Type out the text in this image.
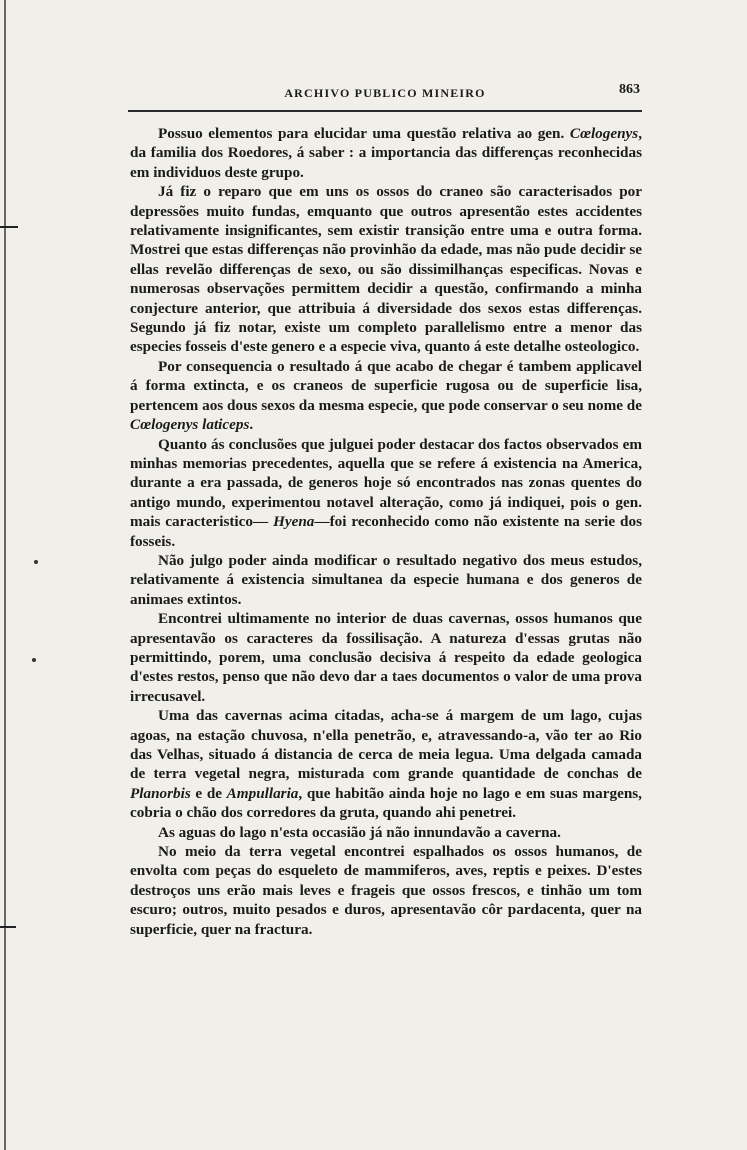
ARCHIVO PUBLICO MINEIRO	863

Possuo elementos para elucidar uma questão relativa ao gen. Cœlogenys, da familia dos Roedores, á saber : a importancia das differenças reconhecidas em individuos deste grupo.

Já fiz o reparo que em uns os ossos do craneo são caracterisados por depressões muito fundas, emquanto que outros apresentão estes accidentes relativamente insignificantes, sem existir transição entre uma e outra forma. Mostrei que estas differenças não provinhão da edade, mas não pude decidir se ellas revelão differenças de sexo, ou são dissimilhanças especificas. Novas e numerosas observações permittem decidir a questão, confirmando a minha conjecture anterior, que attribuia á diversidade dos sexos estas differenças. Segundo já fiz notar, existe um completo parallelismo entre a menor das especies fosseis d'este genero e a especie viva, quanto á este detalhe osteologico.

Por consequencia o resultado á que acabo de chegar é tambem applicavel á forma extincta, e os craneos de superficie rugosa ou de superficie lisa, pertencem aos dous sexos da mesma especie, que pode conservar o seu nome de Cœlogenys laticeps.

Quanto ás conclusões que julguei poder destacar dos factos observados em minhas memorias precedentes, aquella que se refere á existencia na America, durante a era passada, de generos hoje só encontrados nas zonas quentes do antigo mundo, experimentou notavel alteração, como já indiquei, pois o gen. mais caracteristico— Hyena—foi reconhecido como não existente na serie dos fosseis.

Não julgo poder ainda modificar o resultado negativo dos meus estudos, relativamente á existencia simultanea da especie humana e dos generos de animaes extintos.

Encontrei ultimamente no interior de duas cavernas, ossos humanos que apresentavão os caracteres da fossilisação. A natureza d'essas grutas não permittindo, porem, uma conclusão decisiva á respeito da edade geologica d'estes restos, penso que não devo dar a taes documentos o valor de uma prova irrecusavel.

Uma das cavernas acima citadas, acha-se á margem de um lago, cujas agoas, na estação chuvosa, n'ella penetrão, e, atravessando-a, vão ter ao Rio das Velhas, situado á distancia de cerca de meia legua. Uma delgada camada de terra vegetal negra, misturada com grande quantidade de conchas de Planorbis e de Ampullaria, que habitão ainda hoje no lago e em suas margens, cobria o chão dos corredores da gruta, quando ahi penetrei.

As aguas do lago n'esta occasião já não innundavão a caverna.

No meio da terra vegetal encontrei espalhados os ossos humanos, de envolta com peças do esqueleto de mammiferos, aves, reptis e peixes. D'estes destroços uns erão mais leves e frageis que ossos frescos, e tinhão um tom escuro; outros, muito pesados e duros, apresentavão côr pardacenta, quer na superficie, quer na fractura.
